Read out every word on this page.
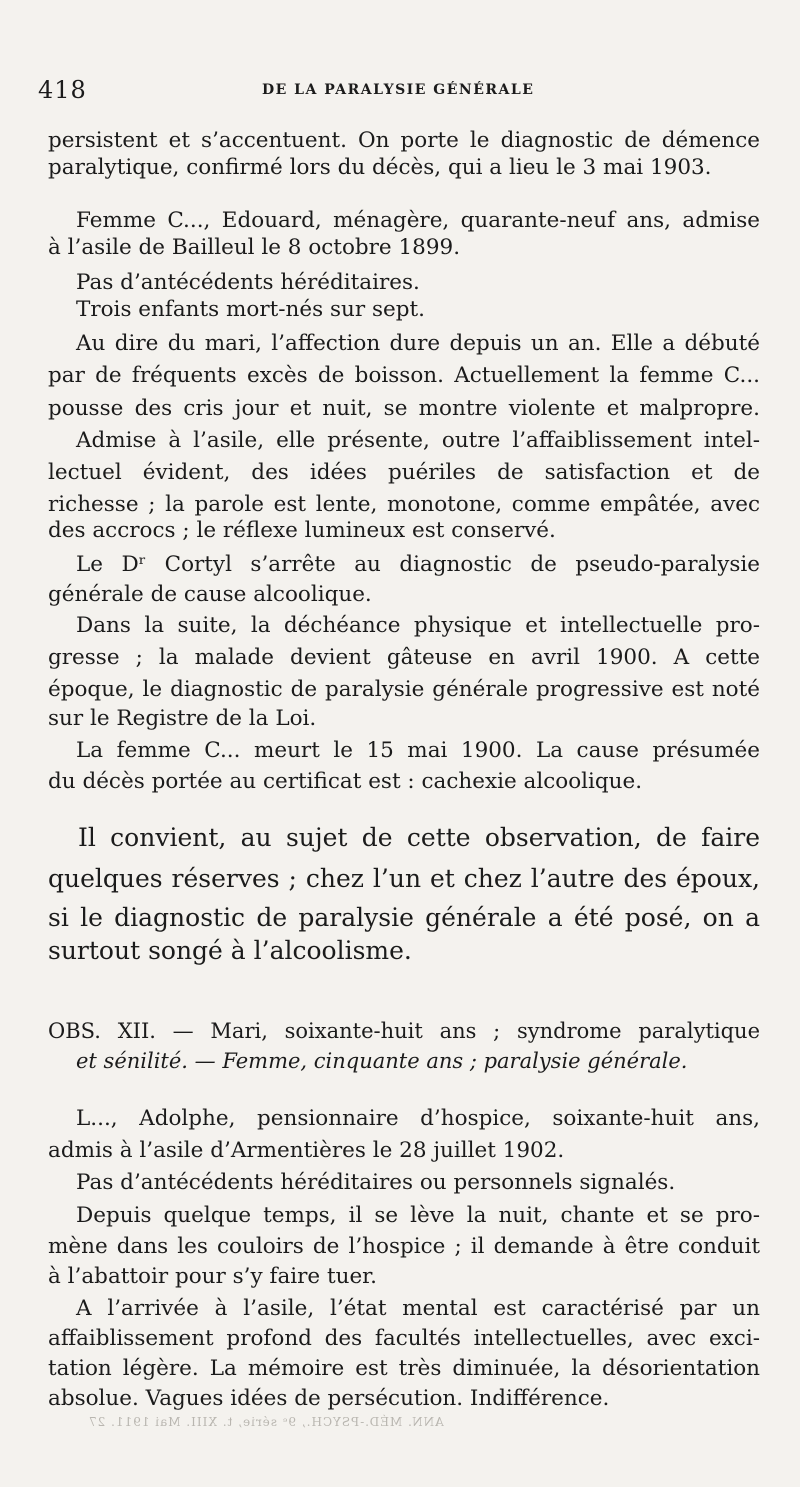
418	DE LA PARALYSIE GÉNÉRALE
persistent et s’accentuent. On porte le diagnostic de démence
paralytique, confirmé lors du décès, qui a lieu le 3 mai 1903.
Femme C..., Edouard, ménagère, quarante-neuf ans, admise
à l’asile de Bailleul le 8 octobre 1899.
Pas d’antécédents héréditaires.
Trois enfants mort-nés sur sept.
Au dire du mari, l’affection dure depuis un an. Elle a débuté
par de fréquents excès de boisson. Actuellement la femme C...
pousse des cris jour et nuit, se montre violente et malpropre.
Admise à l’asile, elle présente, outre l’affaiblissement intel-
lectuel évident, des idées puériles de satisfaction et de
richesse ; la parole est lente, monotone, comme empâtée, avec
des accrocs ; le réflexe lumineux est conservé.
Le Dʳ Cortyl s’arrête au diagnostic de pseudo-paralysie
générale de cause alcoolique.
Dans la suite, la déchéance physique et intellectuelle pro-
gresse ; la malade devient gâteuse en avril 1900. A cette
époque, le diagnostic de paralysie générale progressive est noté
sur le Registre de la Loi.
La femme C... meurt le 15 mai 1900. La cause présumée
du décès portée au certificat est : cachexie alcoolique.
Il convient, au sujet de cette observation, de faire
quelques réserves ; chez l’un et chez l’autre des époux,
si le diagnostic de paralysie générale a été posé, on a
surtout songé à l’alcoolisme.
OBS. XII. — Mari, soixante-huit ans ; syndrome paralytique
et sénilité. — Femme, cinquante ans ; paralysie générale.
L..., Adolphe, pensionnaire d’hospice, soixante-huit ans,
admis à l’asile d’Armentières le 28 juillet 1902.
Pas d’antécédents héréditaires ou personnels signalés.
Depuis quelque temps, il se lève la nuit, chante et se pro-
mène dans les couloirs de l’hospice ; il demande à être conduit
à l’abattoir pour s’y faire tuer.
A l’arrivée à l’asile, l’état mental est caractérisé par un
affaiblissement profond des facultés intellectuelles, avec exci-
tation légère. La mémoire est très diminuée, la désorientation
absolue. Vagues idées de persécution. Indifférence.
ANN. MÉD.-PSYCH., 9ᵉ série, t. XIII. Mai 1911. 27
